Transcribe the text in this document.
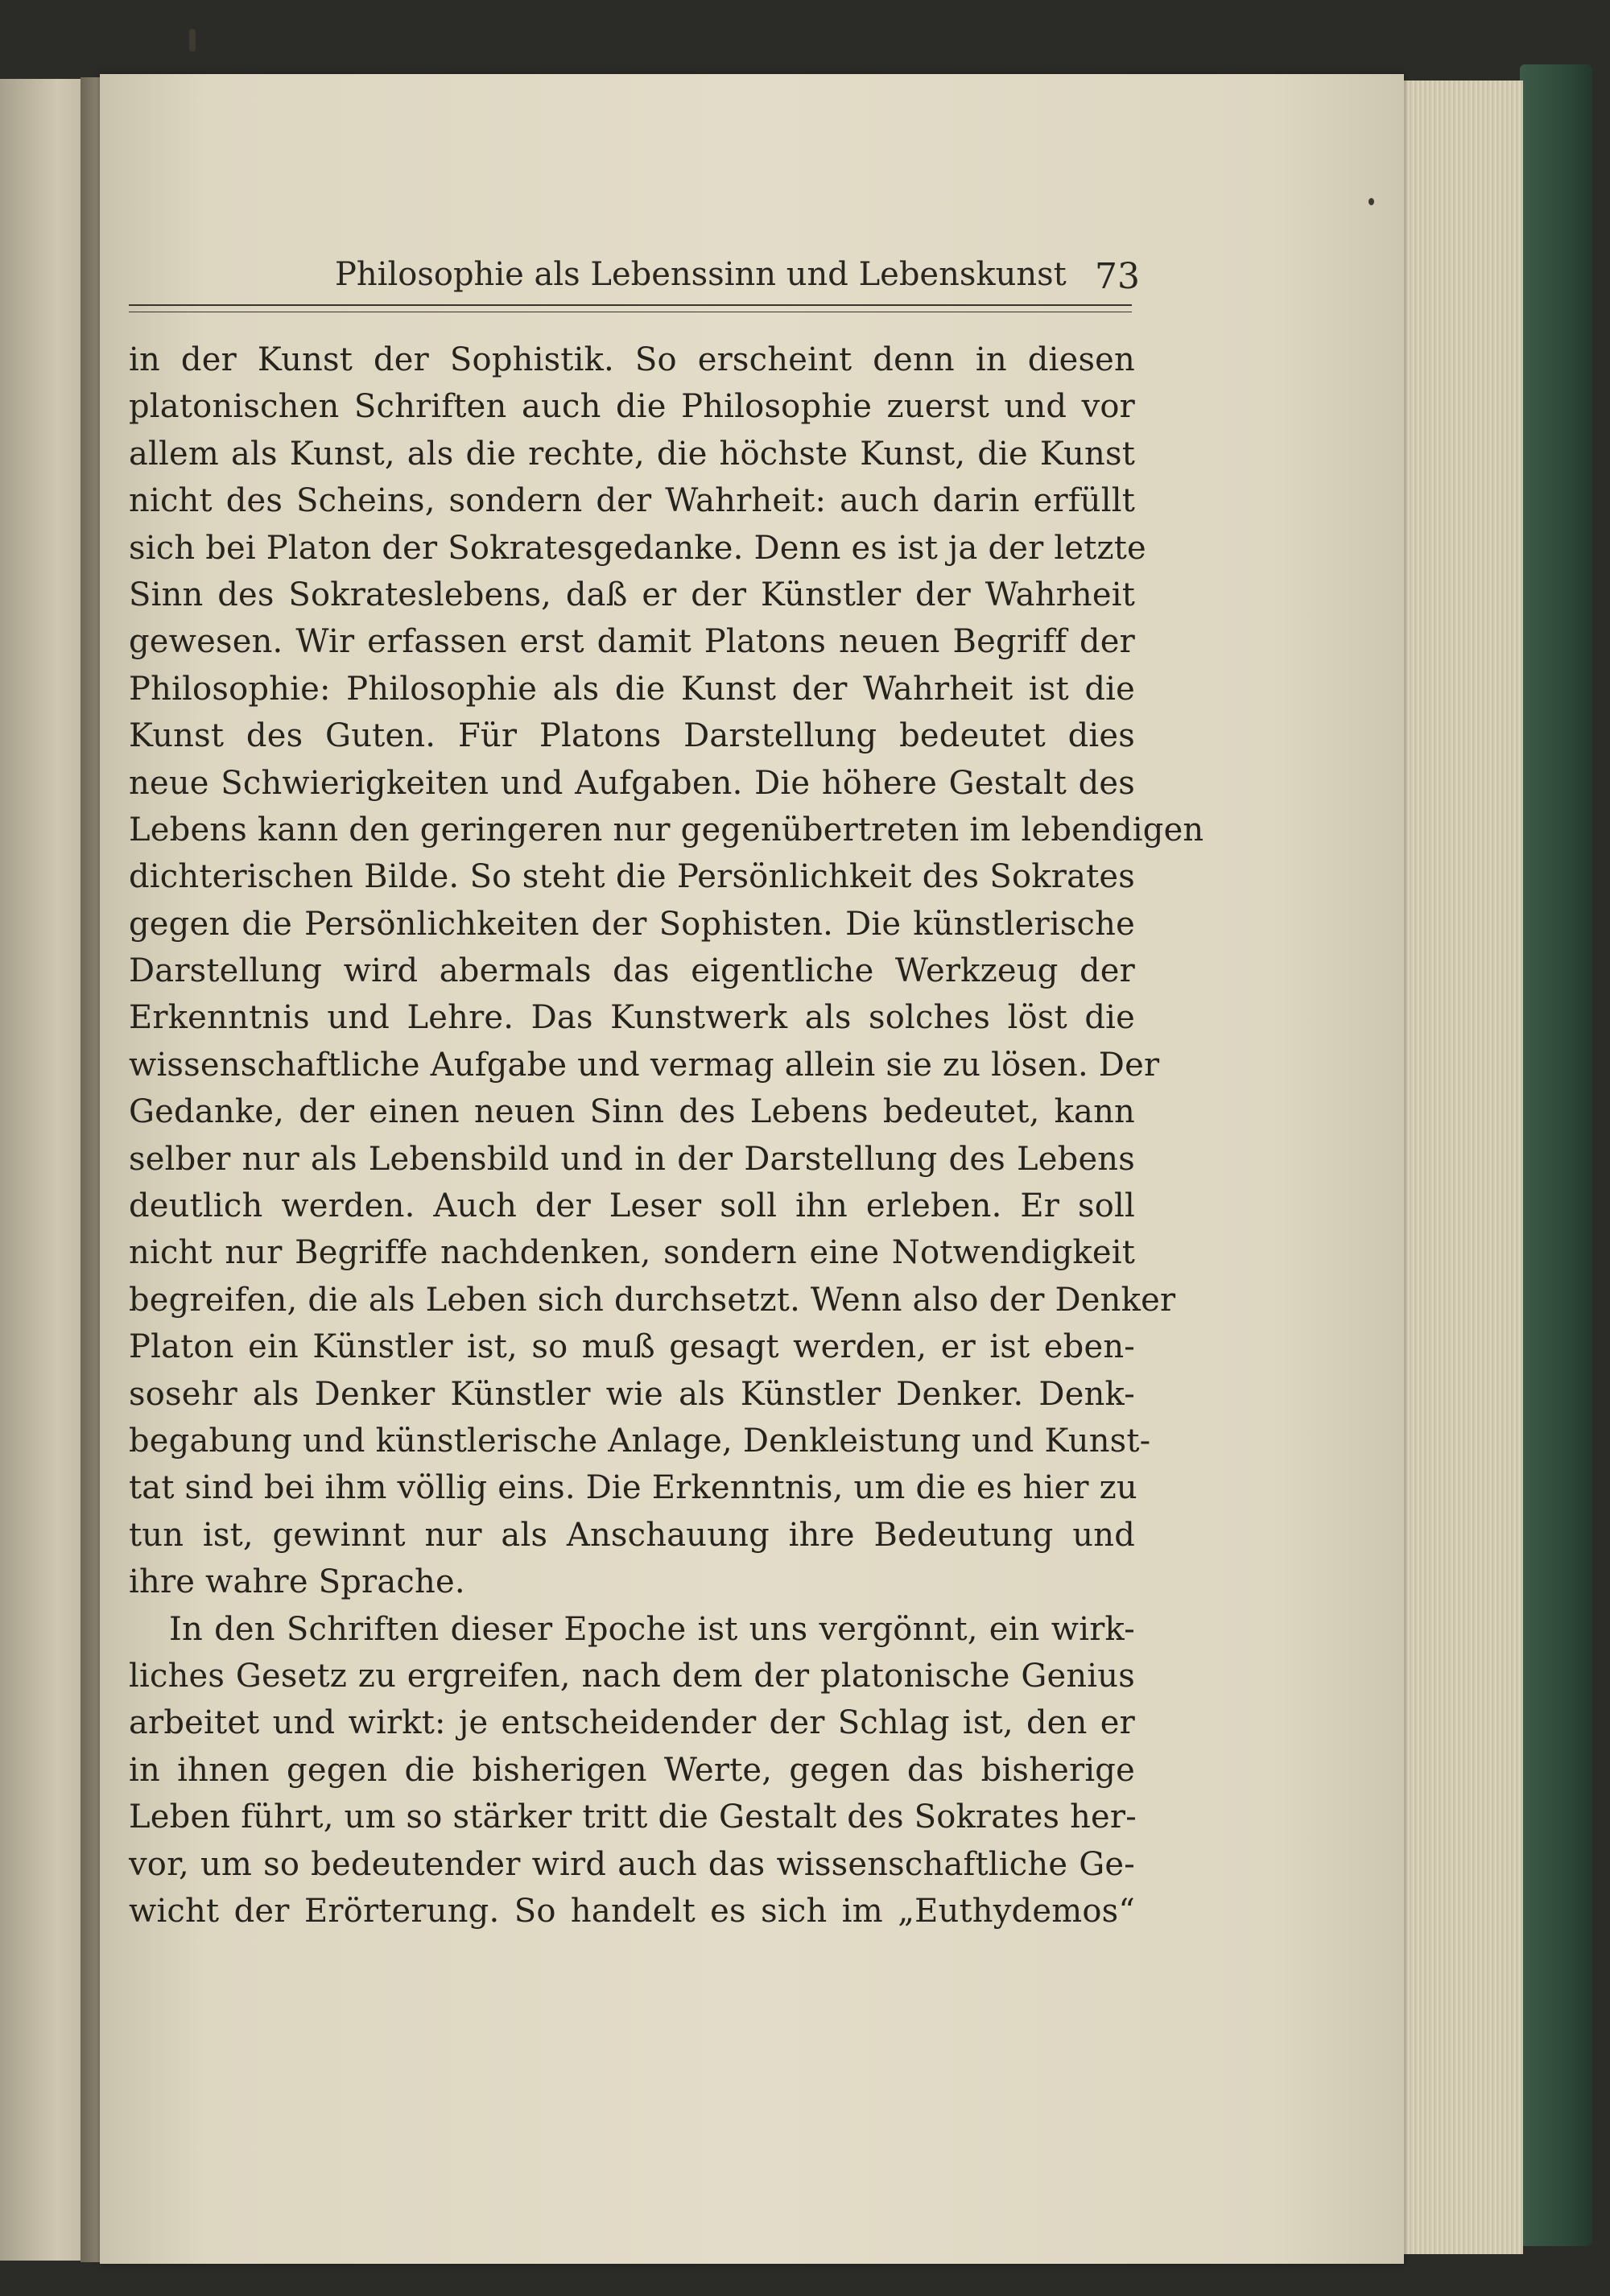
Philosophie als Lebenssinn und Lebenskunst 73
in der Kunst der Sophistik. So erscheint denn in diesen
platonischen Schriften auch die Philosophie zuerst und vor
allem als Kunst, als die rechte, die höchste Kunst, die Kunst
nicht des Scheins, sondern der Wahrheit: auch darin erfüllt
sich bei Platon der Sokratesgedanke. Denn es ist ja der letzte
Sinn des Sokrateslebens, daß er der Künstler der Wahrheit
gewesen. Wir erfassen erst damit Platons neuen Begriff der
Philosophie: Philosophie als die Kunst der Wahrheit ist die
Kunst des Guten. Für Platons Darstellung bedeutet dies
neue Schwierigkeiten und Aufgaben. Die höhere Gestalt des
Lebens kann den geringeren nur gegenübertreten im lebendigen
dichterischen Bilde. So steht die Persönlichkeit des Sokrates
gegen die Persönlichkeiten der Sophisten. Die künstlerische
Darstellung wird abermals das eigentliche Werkzeug der
Erkenntnis und Lehre. Das Kunstwerk als solches löst die
wissenschaftliche Aufgabe und vermag allein sie zu lösen. Der
Gedanke, der einen neuen Sinn des Lebens bedeutet, kann
selber nur als Lebensbild und in der Darstellung des Lebens
deutlich werden. Auch der Leser soll ihn erleben. Er soll
nicht nur Begriffe nachdenken, sondern eine Notwendigkeit
begreifen, die als Leben sich durchsetzt. Wenn also der Denker
Platon ein Künstler ist, so muß gesagt werden, er ist eben-
sosehr als Denker Künstler wie als Künstler Denker. Denk-
begabung und künstlerische Anlage, Denkleistung und Kunst-
tat sind bei ihm völlig eins. Die Erkenntnis, um die es hier zu
tun ist, gewinnt nur als Anschauung ihre Bedeutung und
ihre wahre Sprache.
In den Schriften dieser Epoche ist uns vergönnt, ein wirk-
liches Gesetz zu ergreifen, nach dem der platonische Genius
arbeitet und wirkt: je entscheidender der Schlag ist, den er
in ihnen gegen die bisherigen Werte, gegen das bisherige
Leben führt, um so stärker tritt die Gestalt des Sokrates her-
vor, um so bedeutender wird auch das wissenschaftliche Ge-
wicht der Erörterung. So handelt es sich im „Euthydemos“
